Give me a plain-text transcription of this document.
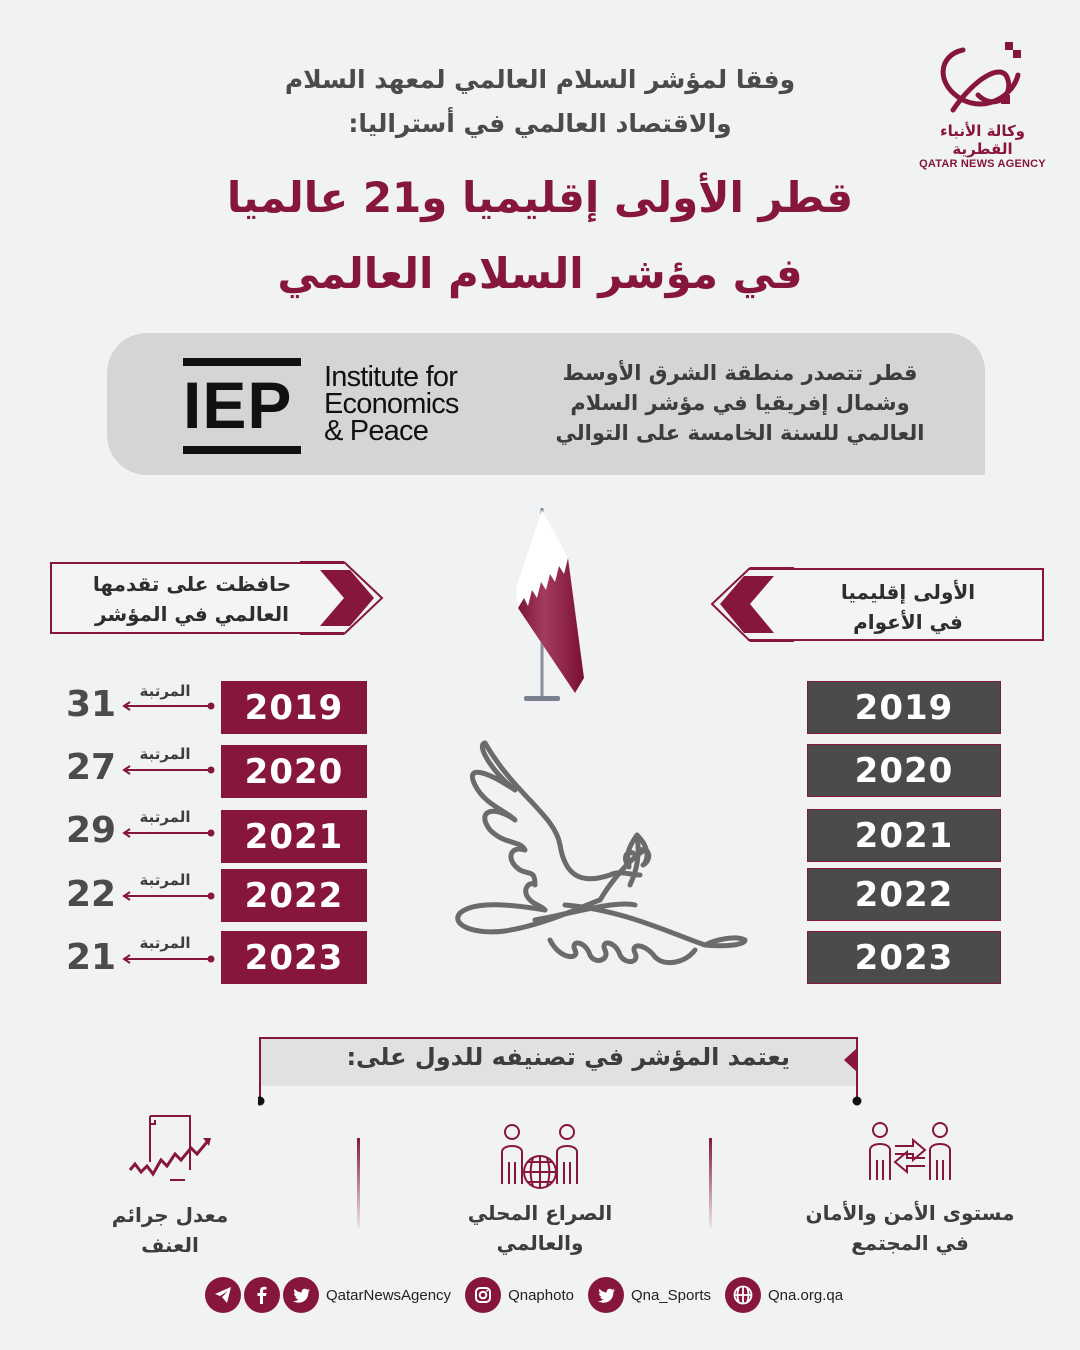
وفقا لمؤشر السلام العالمي لمعهد السلام
والاقتصاد العالمي في أستراليا:
قطر الأولى إقليميا و21 عالميا
في مؤشر السلام العالمي
وكالة الأنباء القطرية
QATAR NEWS AGENCY
IEP	Institute for
Economics
& Peace
قطر تتصدر منطقة الشرق الأوسط
وشمال إفريقيا في مؤشر السلام
العالمي للسنة الخامسة على التوالي
حافظت على تقدمها
العالمي في المؤشر
الأولى إقليميا
في الأعوام
2019
المرتبة
31
2020
المرتبة
27
2021
المرتبة
29
2022
المرتبة
22
2023
المرتبة
21
2019
2020
2021
2022
2023
يعتمد المؤشر في تصنيفه للدول على:
مستوى الأمن والأمان
في المجتمع
الصراع المحلي
والعالمي
معدل جرائم
العنف
QatarNewsAgency	Qnaphoto	Qna_Sports	Qna.org.qa
